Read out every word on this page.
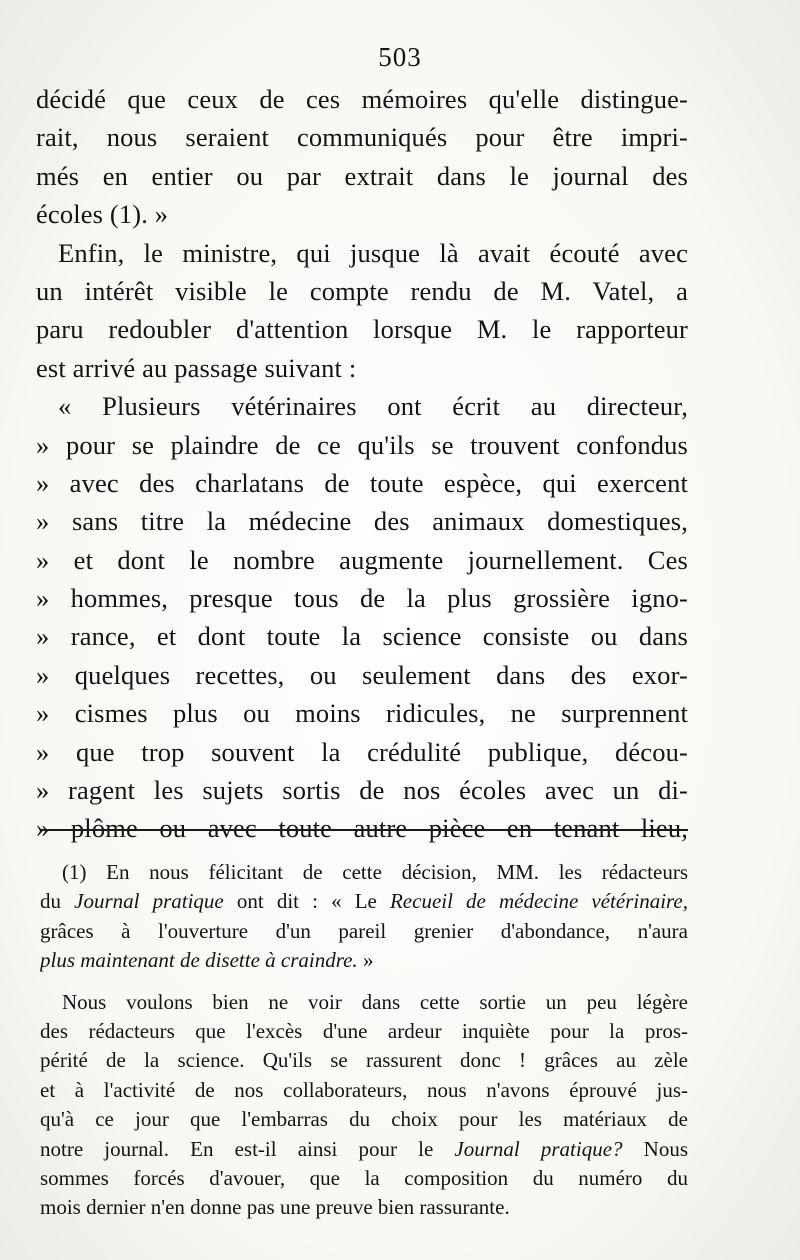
503
décidé que ceux de ces mémoires qu'elle distingue-
rait, nous seraient communiqués pour être impri-
més en entier ou par extrait dans le journal des
écoles (1). »
Enfin, le ministre, qui jusque là avait écouté avec
un intérêt visible le compte rendu de M. Vatel, a
paru redoubler d'attention lorsque M. le rapporteur
est arrivé au passage suivant :
« Plusieurs vétérinaires ont écrit au directeur,
» pour se plaindre de ce qu'ils se trouvent confondus
» avec des charlatans de toute espèce, qui exercent
» sans titre la médecine des animaux domestiques,
» et dont le nombre augmente journellement. Ces
» hommes, presque tous de la plus grossière igno-
» rance, et dont toute la science consiste ou dans
» quelques recettes, ou seulement dans des exor-
» cismes plus ou moins ridicules, ne surprennent
» que trop souvent la crédulité publique, décou-
» ragent les sujets sortis de nos écoles avec un di-
» plôme ou avec toute autre pièce en tenant lieu,
(1) En nous félicitant de cette décision, MM. les rédacteurs
du Journal pratique ont dit : « Le Recueil de médecine vétérinaire,
grâces à l'ouverture d'un pareil grenier d'abondance, n'aura
plus maintenant de disette à craindre. »
Nous voulons bien ne voir dans cette sortie un peu légère
des rédacteurs que l'excès d'une ardeur inquiète pour la pros-
périté de la science. Qu'ils se rassurent donc ! grâces au zèle
et à l'activité de nos collaborateurs, nous n'avons éprouvé jus-
qu'à ce jour que l'embarras du choix pour les matériaux de
notre journal. En est-il ainsi pour le Journal pratique? Nous
sommes forcés d'avouer, que la composition du numéro du
mois dernier n'en donne pas une preuve bien rassurante.
